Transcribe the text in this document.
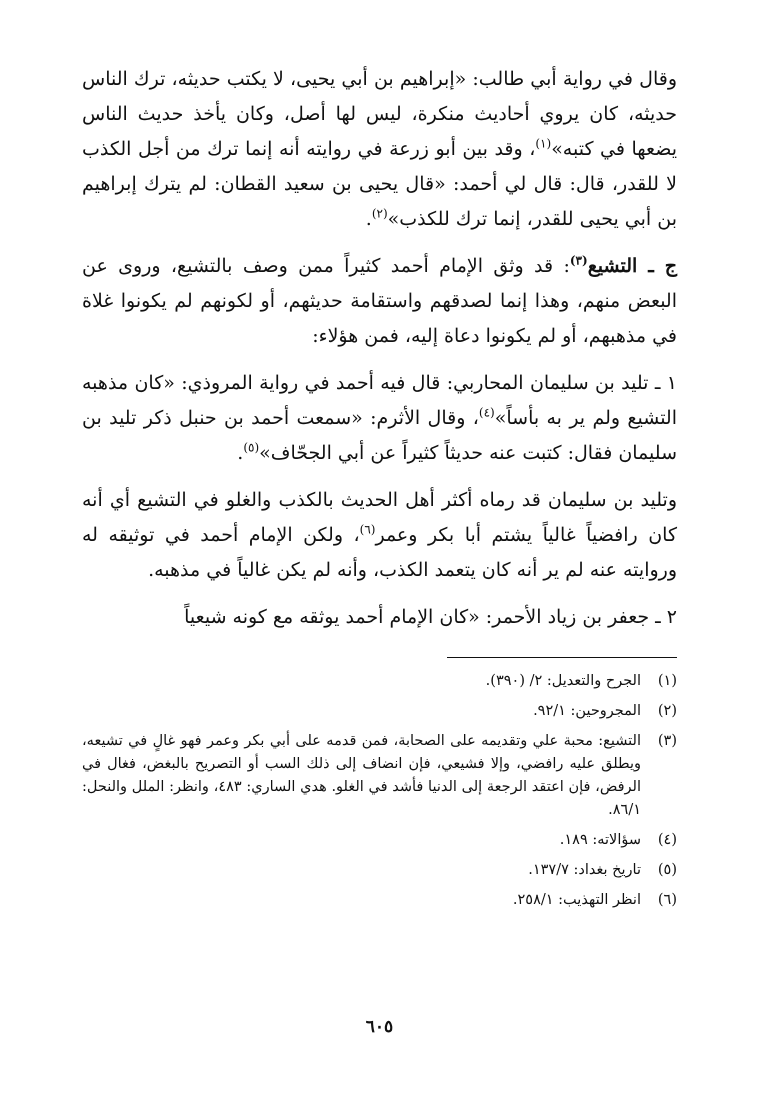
وقال في رواية أبي طالب: «إبراهيم بن أبي يحيى، لا يكتب حديثه، ترك الناس حديثه، كان يروي أحاديث منكرة، ليس لها أصل، وكان يأخذ حديث الناس يضعها في كتبه»$^{(١)}$، وقد بين أبو زرعة في روايته أنه إنما ترك من أجل الكذب لا للقدر، قال: قال لي أحمد: «قال يحيى بن سعيد القطان: لم يترك إبراهيم بن أبي يحيى للقدر، إنما ترك للكذب»$^{(٢)}$.

ج ـ التشيع$^{(٣)}$: قد وثق الإمام أحمد كثيراً ممن وصف بالتشيع، وروى عن البعض منهم، وهذا إنما لصدقهم واستقامة حديثهم، أو لكونهم لم يكونوا غلاة في مذهبهم، أو لم يكونوا دعاة إليه، فمن هؤلاء:

١ ـ تليد بن سليمان المحاربي: قال فيه أحمد في رواية المروذي: «كان مذهبه التشيع ولم ير به بأساً»$^{(٤)}$، وقال الأثرم: «سمعت أحمد بن حنبل ذكر تليد بن سليمان فقال: كتبت عنه حديثاً كثيراً عن أبي الجحّاف»$^{(٥)}$.

وتليد بن سليمان قد رماه أكثر أهل الحديث بالكذب والغلو في التشيع أي أنه كان رافضياً غالياً يشتم أبا بكر وعمر$^{(٦)}$، ولكن الإمام أحمد في توثيقه له وروايته عنه لم ير أنه كان يتعمد الكذب، وأنه لم يكن غالياً في مذهبه.

٢ ـ جعفر بن زياد الأحمر: «كان الإمام أحمد يوثقه مع كونه شيعياً

(١)
الجرح والتعديل: ٢/ (٣٩٠).
(٢)
المجروحين: ٩٢/١.
(٣)
التشيع: محبة علي وتقديمه على الصحابة، فمن قدمه على أبي بكر وعمر فهو غالٍ في تشيعه، ويطلق عليه رافضي، وإلا فشيعي، فإن انضاف إلى ذلك السب أو التصريح بالبغض، فغال في الرفض، فإن اعتقد الرجعة إلى الدنيا فأشد في الغلو. هدي الساري: ٤٨٣، وانظر: الملل والنحل: ٨٦/١.
(٤)
سؤالاته: ١٨٩.
(٥)
تاريخ بغداد: ١٣٧/٧.
(٦)
انظر التهذيب: ٢٥٨/١.
٦٠٥
